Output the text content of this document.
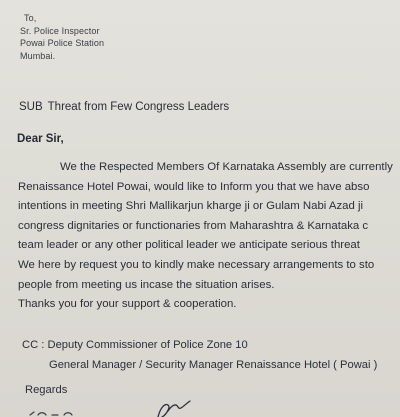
To,
Sr. Police Inspector
Powai Police Station
Mumbai.
SUB Threat from Few Congress Leaders
Dear Sir,
We the Respected Members Of Karnataka Assembly are currently
Renaissance Hotel Powai, would like to Inform you that we have abso
intentions in meeting Shri Mallikarjun kharge ji or Gulam Nabi Azad ji
congress dignitaries or functionaries from Maharashtra & Karnataka c
team leader or any other political leader we anticipate serious threat
We here by request you to kindly make necessary arrangements to sto
people from meeting us incase the situation arises.
Thanks you for your support & cooperation.
CC : Deputy Commissioner of Police Zone 10
General Manager / Security Manager Renaissance Hotel ( Powai )
Regards
